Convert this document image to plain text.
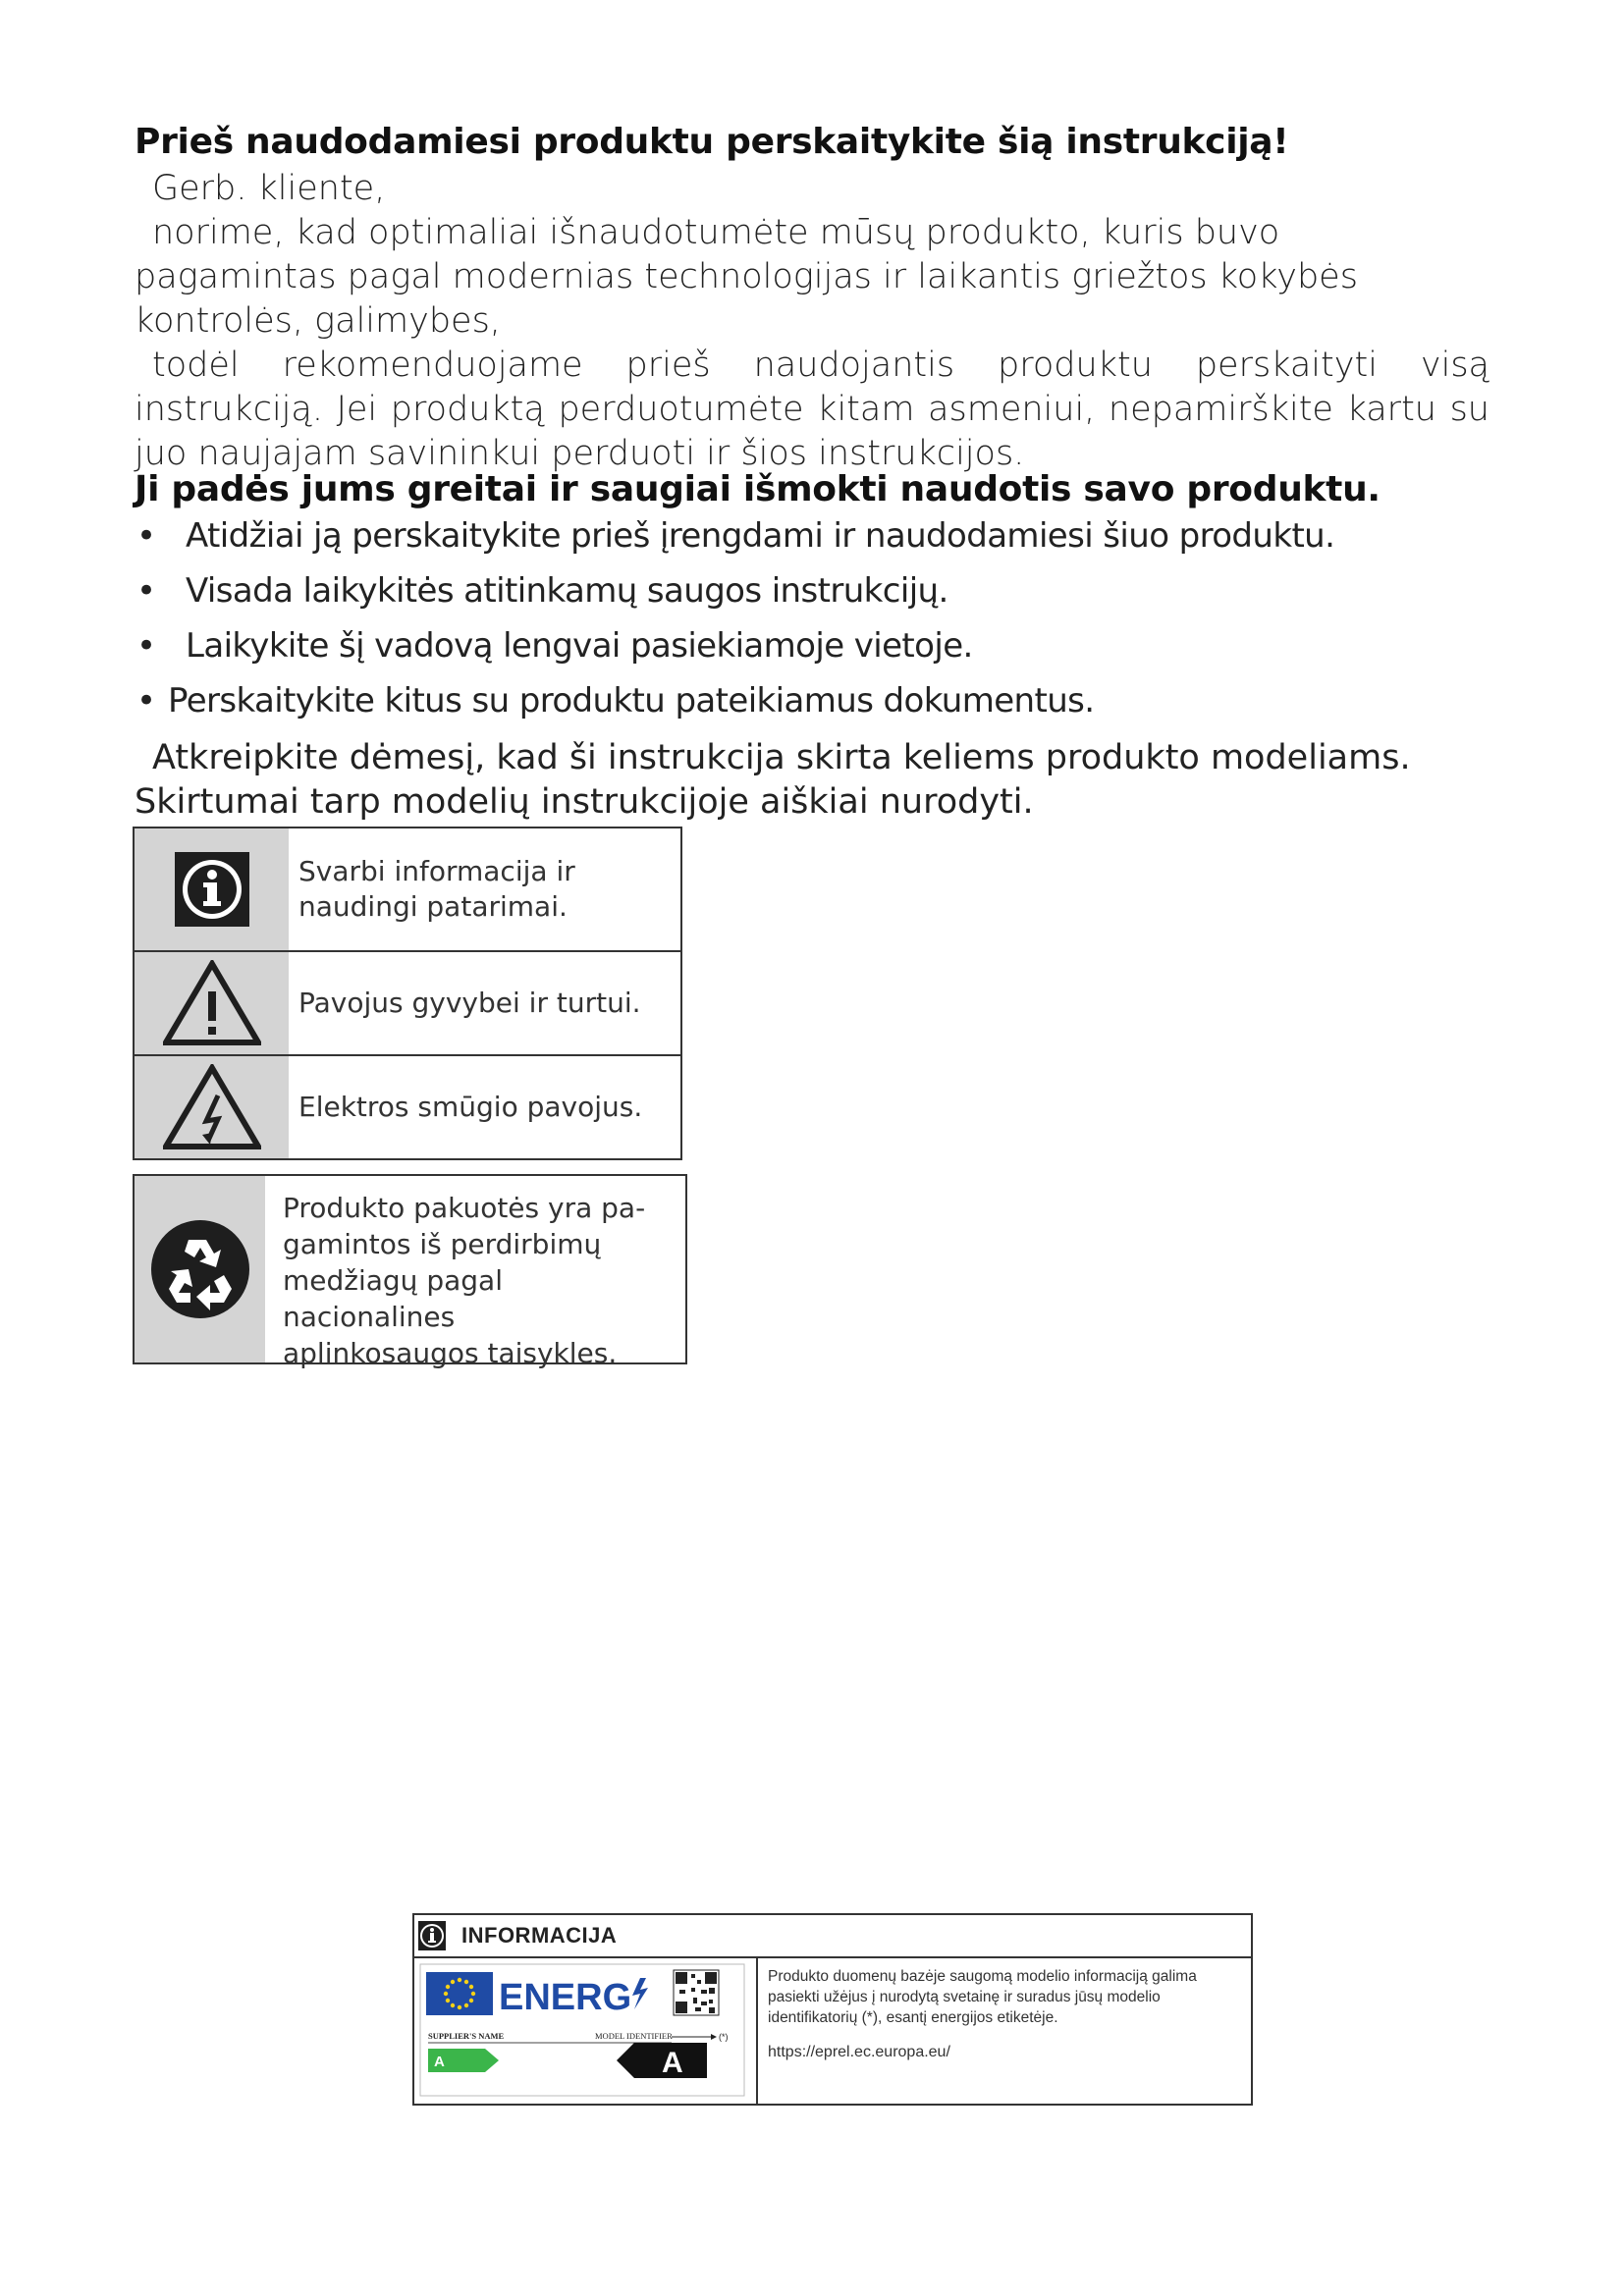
Prieš naudodamiesi produktu perskaitykite šią instrukciją!

Gerb. kliente,

norime, kad optimaliai išnaudotumėte mūsų produkto, kuris buvo pagamintas pagal modernias technologijas ir laikantis griežtos kokybės kontrolės, galimybes,

todėl rekomenduojame prieš naudojantis produktu perskaityti visą instrukciją. Jei produktą perduotumėte kitam asmeniui, nepamirškite kartu su juo naujajam savininkui perduoti ir šios instrukcijos.

Ji padės jums greitai ir saugiai išmokti naudotis savo produktu.
• Atidžiai ją perskaitykite prieš įrengdami ir naudodamiesi šiuo produktu.
• Visada laikykitės atitinkamų saugos instrukcijų.
• Laikykite šį vadovą lengvai pasiekiamoje vietoje.
• Perskaitykite kitus su produktu pateikiamus dokumentus.
Atkreipkite dėmesį, kad ši instrukcija skirta keliems produkto modeliams. Skirtumai tarp modelių instrukcijoje aiškiai nurodyti.
Svarbi informacija ir naudingi patarimai.
Pavojus gyvybei ir turtui.
Elektros smūgio pavojus.
Produkto pakuotės yra pa-
gamintos iš perdirbimų
medžiagų pagal nacionalines
aplinkosaugos taisykles.
INFORMACIJA
ENERG
SUPPLIER'S NAME	MODEL IDENTIFIER	(*)
A	A

Produkto duomenų bazėje saugomą modelio informaciją galima pasiekti užėjus į nurodytą svetainę ir suradus jūsų modelio identifikatorių (*), esantį energijos etiketėje.

https://eprel.ec.europa.eu/
